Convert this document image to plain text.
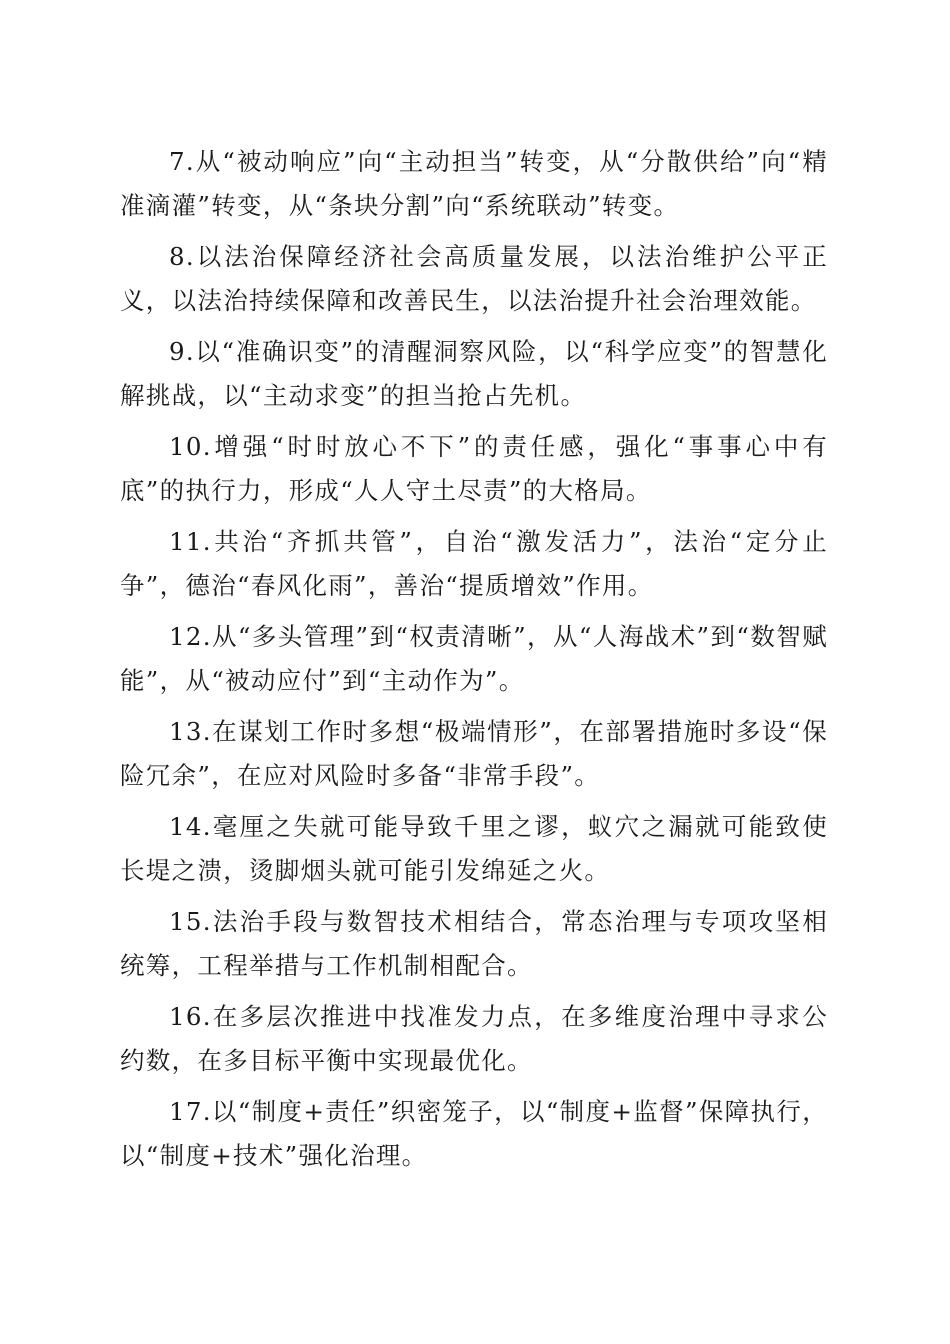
7.从“被动响应”向“主动担当”转变，从“分散供给”向“精准滴灌”转变，从“条块分割”向“系统联动”转变。

8.以法治保障经济社会高质量发展，以法治维护公平正义，以法治持续保障和改善民生，以法治提升社会治理效能。

9.以“准确识变”的清醒洞察风险，以“科学应变”的智慧化解挑战，以“主动求变”的担当抢占先机。

10.增强“时时放心不下”的责任感，强化“事事心中有底”的执行力，形成“人人守土尽责”的大格局。

11.共治“齐抓共管”，自治“激发活力”，法治“定分止争”，德治“春风化雨”，善治“提质增效”作用。

12.从“多头管理”到“权责清晰”，从“人海战术”到“数智赋能”，从“被动应付”到“主动作为”。

13.在谋划工作时多想“极端情形”，在部署措施时多设“保险冗余”，在应对风险时多备“非常手段”。

14.毫厘之失就可能导致千里之谬，蚁穴之漏就可能致使长堤之溃，烫脚烟头就可能引发绵延之火。

15.法治手段与数智技术相结合，常态治理与专项攻坚相统筹，工程举措与工作机制相配合。

16.在多层次推进中找准发力点，在多维度治理中寻求公约数，在多目标平衡中实现最优化。

17.以“制度+责任”织密笼子，以“制度+监督”保障执行，以“制度+技术”强化治理。
